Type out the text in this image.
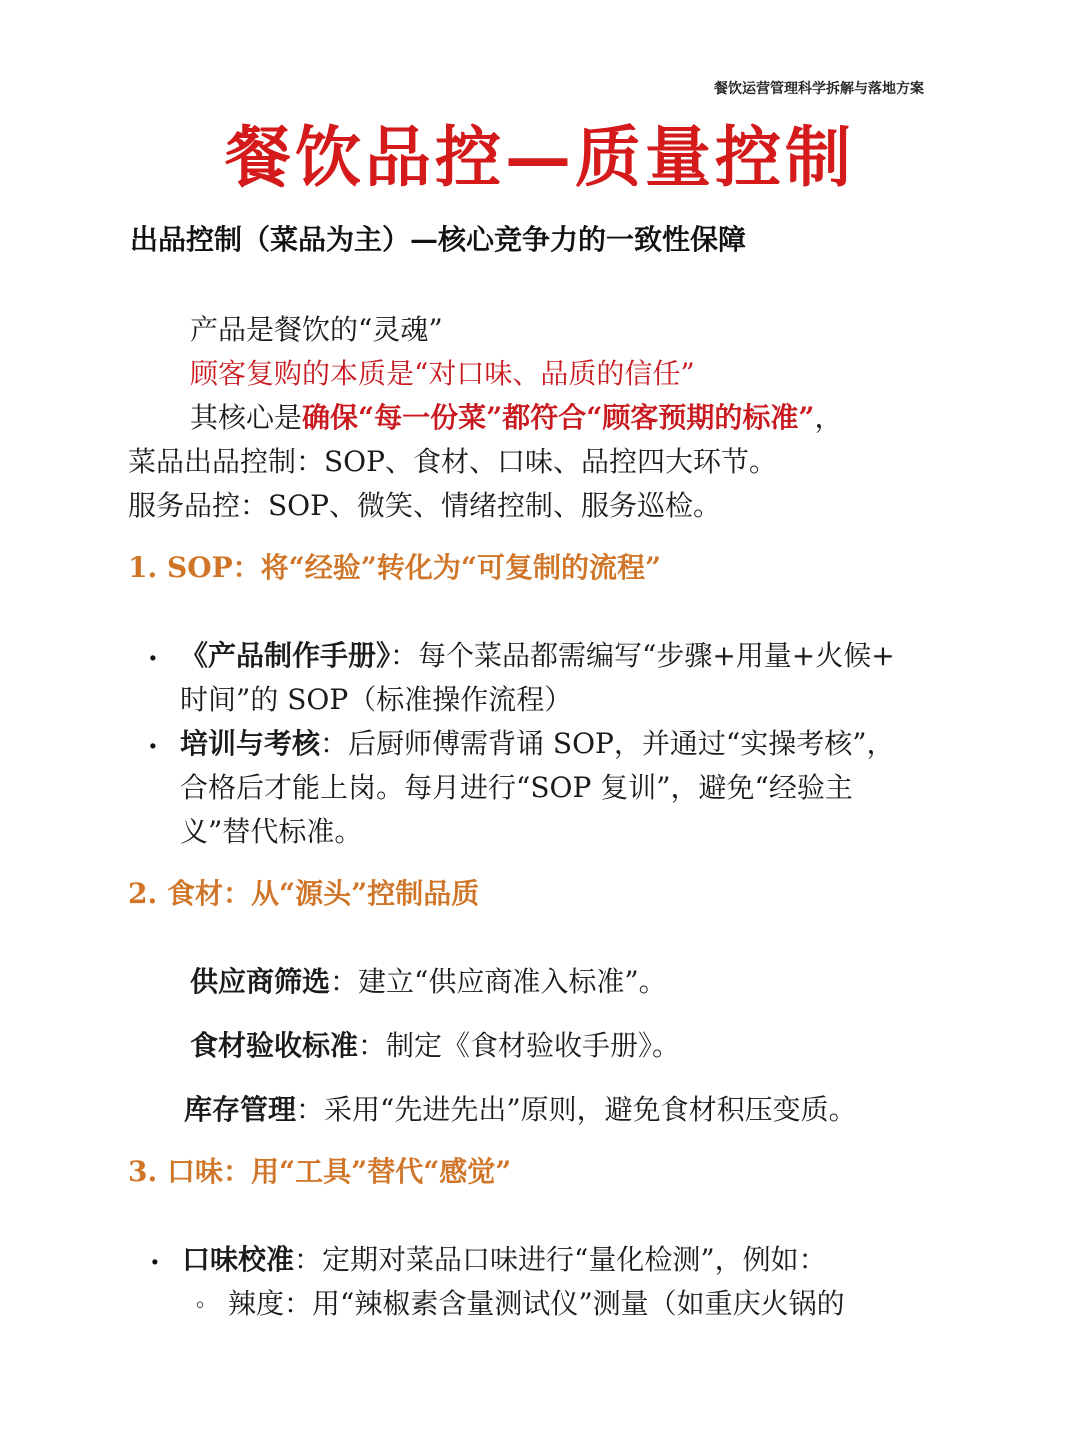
餐饮运营管理科学拆解与落地方案
餐饮品控—质量控制
出品控制（菜品为主）—核心竞争力的一致性保障
产品是餐饮的“灵魂”
顾客复购的本质是“对口味、品质的信任”
其核心是确保“每一份菜”都符合“顾客预期的标准”，
菜品出品控制：SOP、食材、口味、品控四大环节。
服务品控：SOP、微笑、情绪控制、服务巡检。
1. SOP：将“经验”转化为“可复制的流程”
. 《产品制作手册》：每个菜品都需编写“步骤+用量+火候+
时间”的 SOP（标准操作流程）
. 培训与考核：后厨师傅需背诵 SOP，并通过“实操考核”，
合格后才能上岗。每月进行“SOP 复训”，避免“经验主
义”替代标准。
2. 食材：从“源头”控制品质
供应商筛选：建立“供应商准入标准”。
食材验收标准：制定《食材验收手册》。
库存管理：采用“先进先出”原则，避免食材积压变质。
3. 口味：用“工具”替代“感觉”
. 口味校准：定期对菜品口味进行“量化检测”，例如：
。 辣度：用“辣椒素含量测试仪”测量（如重庆火锅的
